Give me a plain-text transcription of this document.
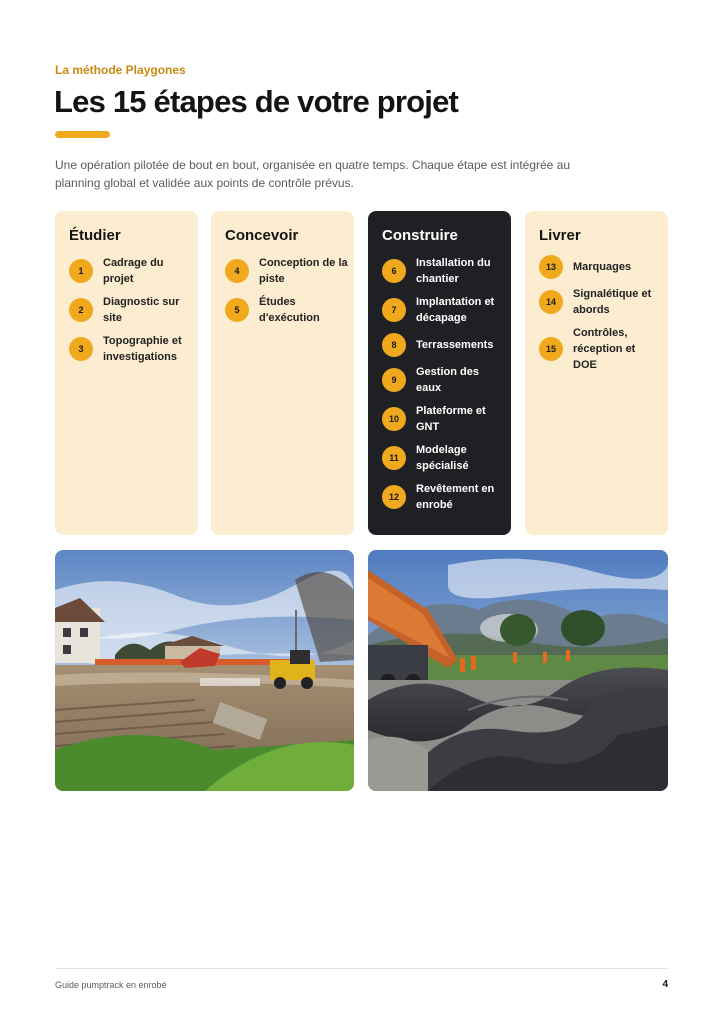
La méthode Playgones
Les 15 étapes de votre projet

Une opération pilotée de bout en bout, organisée en quatre temps. Chaque étape est intégrée au planning global et validée aux points de contrôle prévus.

Étudier
1
Cadrage du projet
2
Diagnostic sur site
3
Topographie et investigations
Concevoir
4
Conception de la piste
5
Études d'exécution
Construire
6
Installation du chantier
7
Implantation et décapage
8	Terrassements
9
Gestion des eaux
10
Plateforme et GNT
11
Modelage spécialisé
12
Revêtement en enrobé
Livrer
13	Marquages
14
Signalétique et abords
15
Contrôles, réception et DOE
Guide pumptrack en enrobé	4
